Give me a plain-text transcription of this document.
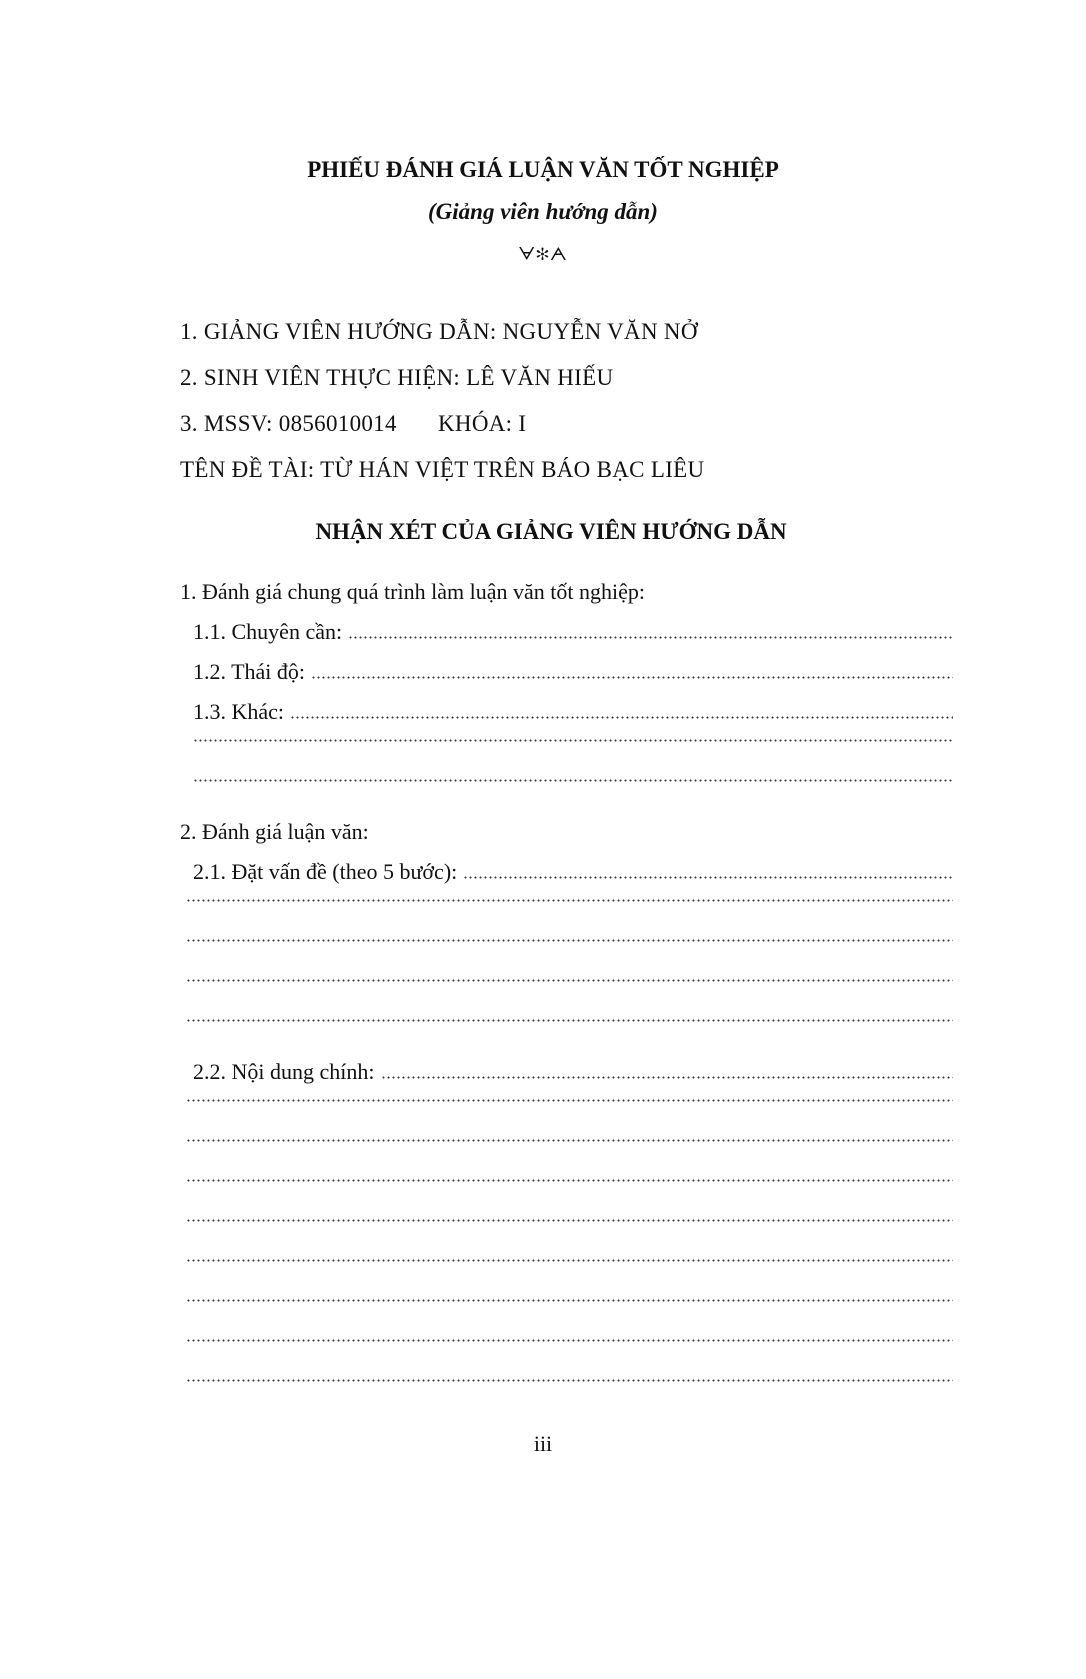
PHIẾU ĐÁNH GIÁ LUẬN VĂN TỐT NGHIỆP
(Giảng viên hướng dẫn)
ᗄ✻ᗅ
1. GIẢNG VIÊN HƯỚNG DẪN: NGUYỄN VĂN NỞ
2. SINH VIÊN THỰC HIỆN: LÊ VĂN HIẾU
3. MSSV: 0856010014 KHÓA: I
TÊN ĐỀ TÀI: TỪ HÁN VIỆT TRÊN BÁO BẠC LIÊU
NHẬN XÉT CỦA GIẢNG VIÊN HƯỚNG DẪN
1. Đánh giá chung quá trình làm luận văn tốt nghiệp:
1.1. Chuyên cần:
1.2. Thái độ:
1.3. Khác:
2. Đánh giá luận văn:
2.1. Đặt vấn đề (theo 5 bước):
2.2. Nội dung chính:
iii
